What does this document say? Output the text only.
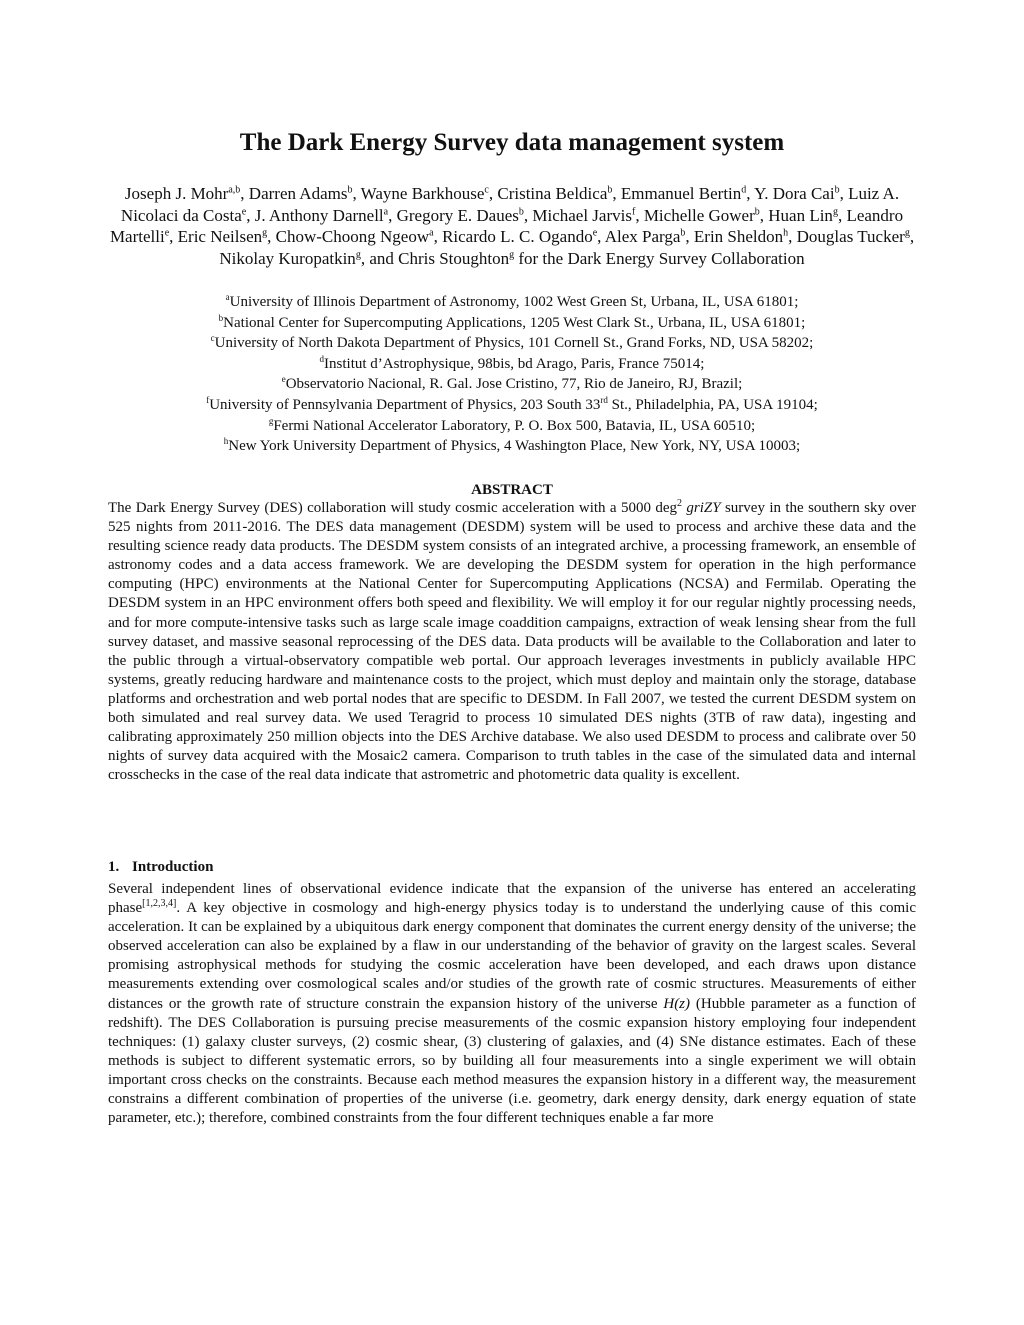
The Dark Energy Survey data management system
Joseph J. Mohr$^{a,b}$, Darren Adams$^b$, Wayne Barkhouse$^c$, Cristina Beldica$^b$, Emmanuel Bertin$^d$, Y. Dora Cai$^b$, Luiz A. Nicolaci da Costa$^e$, J. Anthony Darnell$^a$, Gregory E. Daues$^b$, Michael Jarvis$^f$, Michelle Gower$^b$, Huan Lin$^g$, Leandro Martelli$^e$, Eric Neilsen$^g$, Chow-Choong Ngeow$^a$, Ricardo L. C. Ogando$^e$, Alex Parga$^b$, Erin Sheldon$^h$, Douglas Tucker$^g$, Nikolay Kuropatkin$^g$, and Chris Stoughton$^g$ for the Dark Energy Survey Collaboration
$^a$University of Illinois Department of Astronomy, 1002 West Green St, Urbana, IL, USA 61801;
$^b$National Center for Supercomputing Applications, 1205 West Clark St., Urbana, IL, USA 61801;
$^c$University of North Dakota Department of Physics, 101 Cornell St., Grand Forks, ND, USA 58202;
$^d$Institut d’Astrophysique, 98bis, bd Arago, Paris, France 75014;
$^e$Observatorio Nacional, R. Gal. Jose Cristino, 77, Rio de Janeiro, RJ, Brazil;
$^f$University of Pennsylvania Department of Physics, 203 South 33rd St., Philadelphia, PA, USA 19104;
$^g$Fermi National Accelerator Laboratory, P. O. Box 500, Batavia, IL, USA 60510;
$^h$New York University Department of Physics, 4 Washington Place, New York, NY, USA 10003;
ABSTRACT

The Dark Energy Survey (DES) collaboration will study cosmic acceleration with a 5000 deg$^2$ griZY survey in the southern sky over 525 nights from 2011-2016. The DES data management (DESDM) system will be used to process and archive these data and the resulting science ready data products. The DESDM system consists of an integrated archive, a processing framework, an ensemble of astronomy codes and a data access framework. We are developing the DESDM system for operation in the high performance computing (HPC) environments at the National Center for Supercomputing Applications (NCSA) and Fermilab. Operating the DESDM system in an HPC environment offers both speed and flexibility. We will employ it for our regular nightly processing needs, and for more compute-intensive tasks such as large scale image coaddition campaigns, extraction of weak lensing shear from the full survey dataset, and massive seasonal reprocessing of the DES data. Data products will be available to the Collaboration and later to the public through a virtual-observatory compatible web portal. Our approach leverages investments in publicly available HPC systems, greatly reducing hardware and maintenance costs to the project, which must deploy and maintain only the storage, database platforms and orchestration and web portal nodes that are specific to DESDM. In Fall 2007, we tested the current DESDM system on both simulated and real survey data. We used Teragrid to process 10 simulated DES nights (3TB of raw data), ingesting and calibrating approximately 250 million objects into the DES Archive database. We also used DESDM to process and calibrate over 50 nights of survey data acquired with the Mosaic2 camera. Comparison to truth tables in the case of the simulated data and internal crosschecks in the case of the real data indicate that astrometric and photometric data quality is excellent.

1. Introduction

Several independent lines of observational evidence indicate that the expansion of the universe has entered an accelerating phase[1,2,3,4]. A key objective in cosmology and high-energy physics today is to understand the underlying cause of this comic acceleration. It can be explained by a ubiquitous dark energy component that dominates the current energy density of the universe; the observed acceleration can also be explained by a flaw in our understanding of the behavior of gravity on the largest scales. Several promising astrophysical methods for studying the cosmic acceleration have been developed, and each draws upon distance measurements extending over cosmological scales and/or studies of the growth rate of cosmic structures. Measurements of either distances or the growth rate of structure constrain the expansion history of the universe H(z) (Hubble parameter as a function of redshift). The DES Collaboration is pursuing precise measurements of the cosmic expansion history employing four independent techniques: (1) galaxy cluster surveys, (2) cosmic shear, (3) clustering of galaxies, and (4) SNe distance estimates. Each of these methods is subject to different systematic errors, so by building all four measurements into a single experiment we will obtain important cross checks on the constraints. Because each method measures the expansion history in a different way, the measurement constrains a different combination of properties of the universe (i.e. geometry, dark energy density, dark energy equation of state parameter, etc.); therefore, combined constraints from the four different techniques enable a far more
